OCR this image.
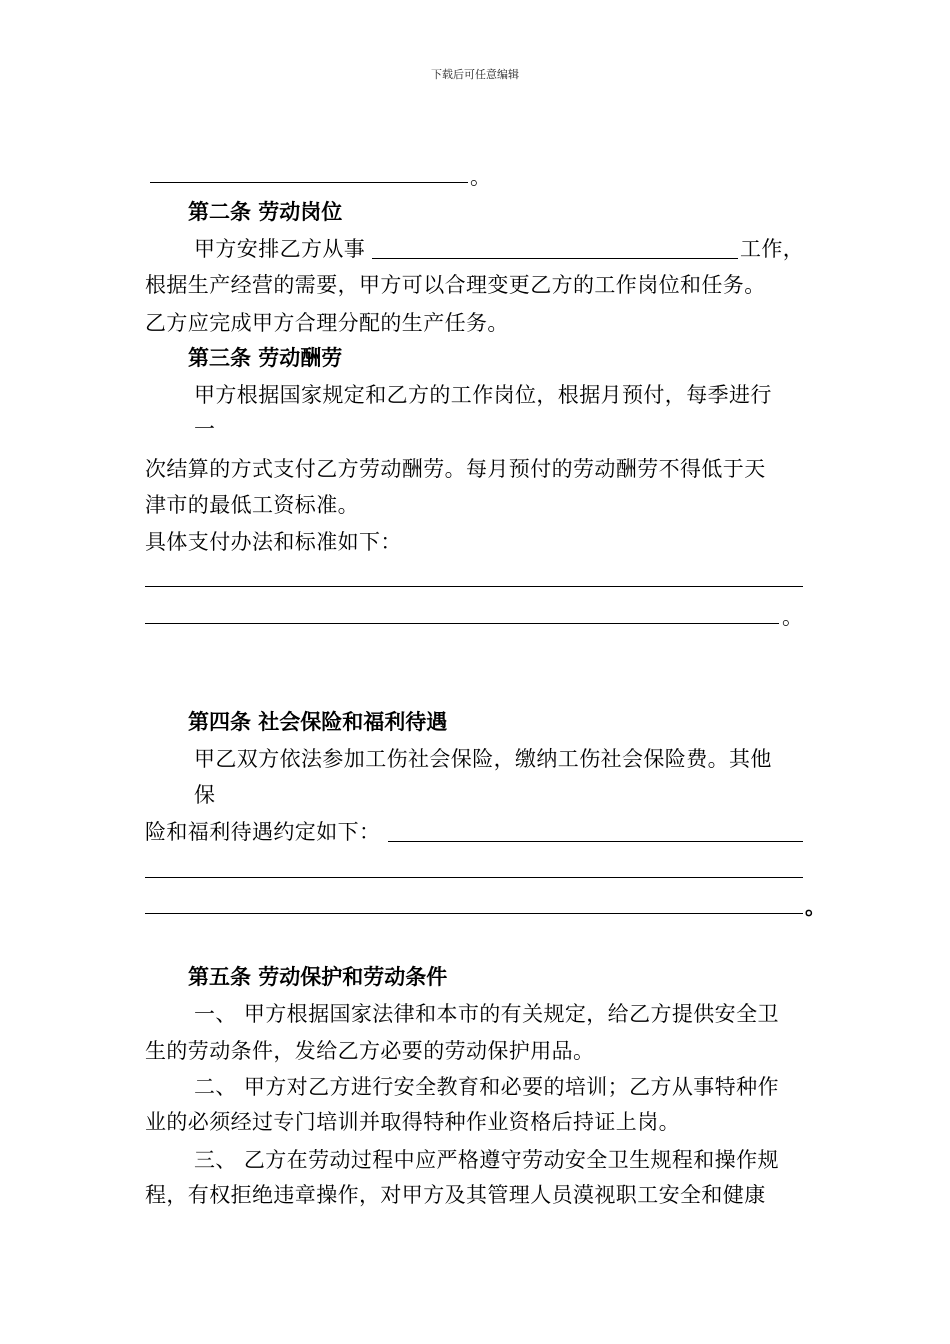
下载后可任意编辑
。
第二条 劳动岗位
甲方安排乙方从事	工作，
根据生产经营的需要，甲方可以合理变更乙方的工作岗位和任务。
乙方应完成甲方合理分配的生产任务。
第三条 劳动酬劳
甲方根据国家规定和乙方的工作岗位，根据月预付，每季进行
一
次结算的方式支付乙方劳动酬劳。每月预付的劳动酬劳不得低于天
津市的最低工资标准。
具体支付办法和标准如下：
。
第四条 社会保险和福利待遇
甲乙双方依法参加工伤社会保险，缴纳工伤社会保险费。其他
保
险和福利待遇约定如下：
。
第五条 劳动保护和劳动条件
一、 甲方根据国家法律和本市的有关规定，给乙方提供安全卫
生的劳动条件，发给乙方必要的劳动保护用品。
二、 甲方对乙方进行安全教育和必要的培训；乙方从事特种作
业的必须经过专门培训并取得特种作业资格后持证上岗。
三、 乙方在劳动过程中应严格遵守劳动安全卫生规程和操作规
程，有权拒绝违章操作，对甲方及其管理人员漠视职工安全和健康
